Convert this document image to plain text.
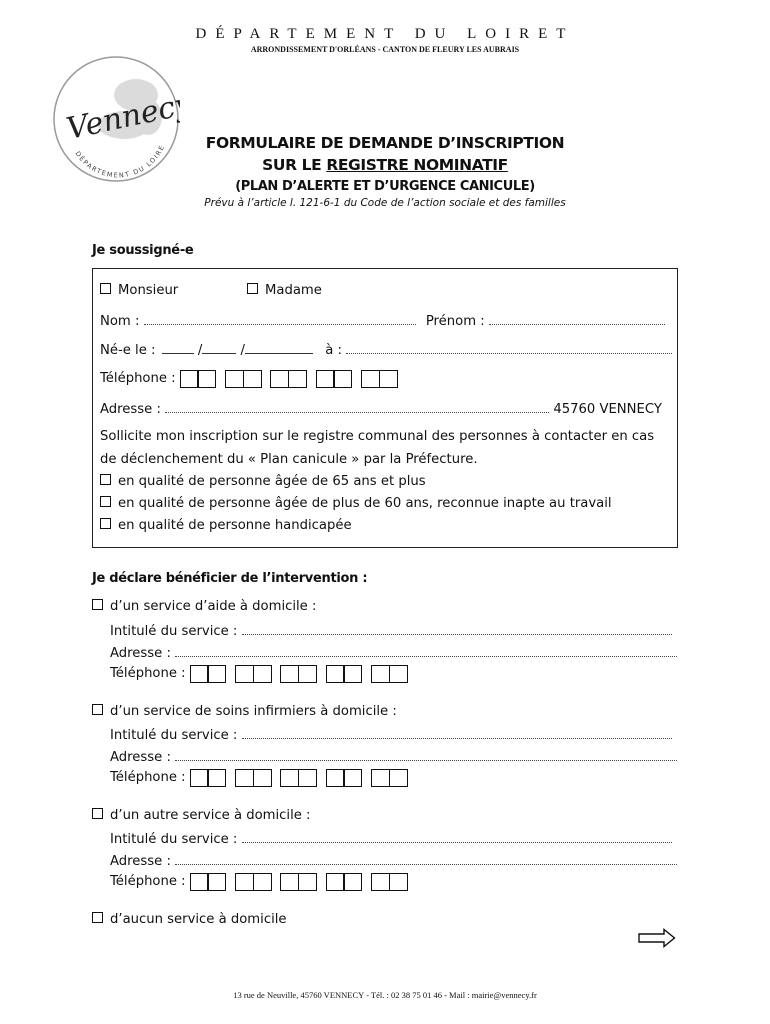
DÉPARTEMENT DU LOIRET
ARRONDISSEMENT D'ORLÉANS - CANTON DE FLEURY LES AUBRAIS
Vennecy
DÉPARTEMENT DU LOIRE	FORMULAIRE DE DEMANDE D’INSCRIPTION
SUR LE REGISTRE NOMINATIF
(PLAN D’ALERTE ET D’URGENCE CANICULE)
Prévu à l’article l. 121-6-1 du Code de l’action sociale et des familles
Je soussigné-e
Monsieur	Madame
Nom :	Prénom :
Né-e le :	/	/	à :
Téléphone :
Adresse :	45760 VENNECY
Sollicite mon inscription sur le registre communal des personnes à contacter en cas
de déclenchement du « Plan canicule » par la Préfecture.
en qualité de personne âgée de 65 ans et plus
en qualité de personne âgée de plus de 60 ans, reconnue inapte au travail
en qualité de personne handicapée
Je déclare bénéficier de l’intervention :
d’un service d’aide à domicile :
Intitulé du service :
Adresse :
Téléphone :
d’un service de soins infirmiers à domicile :
Intitulé du service :
Adresse :
Téléphone :
d’un autre service à domicile :
Intitulé du service :
Adresse :
Téléphone :
d’aucun service à domicile
13 rue de Neuville, 45760 VENNECY - Tél. : 02 38 75 01 46 - Mail : mairie@vennecy.fr
